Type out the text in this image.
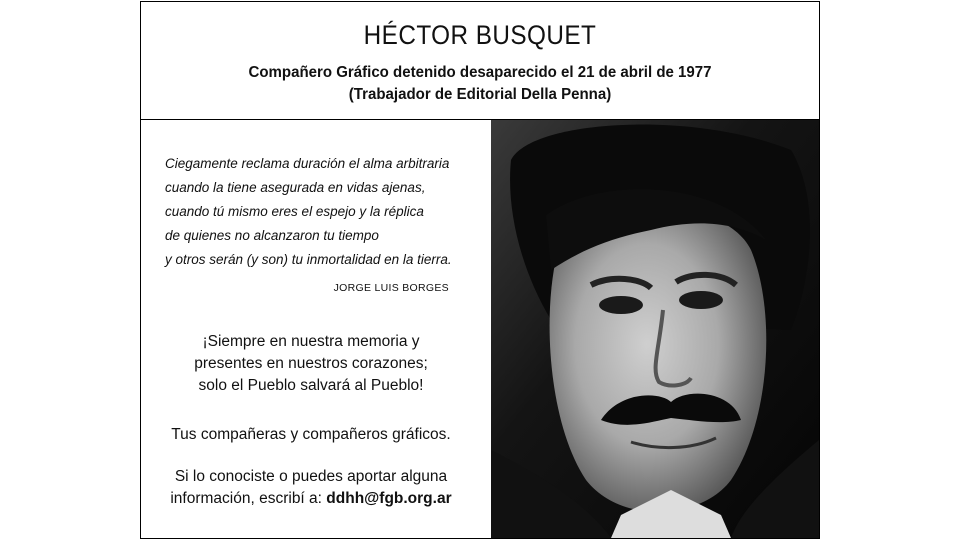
HÉCTOR BUSQUET
Compañero Gráfico detenido desaparecido el 21 de abril de 1977
(Trabajador de Editorial Della Penna)
Ciegamente reclama duración el alma arbitraria
cuando la tiene asegurada en vidas ajenas,
cuando tú mismo eres el espejo y la réplica
de quienes no alcanzaron tu tiempo
y otros serán (y son) tu inmortalidad en la tierra.
JORGE LUIS BORGES
¡Siempre en nuestra memoria y
presentes en nuestros corazones;
solo el Pueblo salvará al Pueblo!
Tus compañeras y compañeros gráficos.
Si lo conociste o puedes aportar alguna
información, escribí a: ddhh@fgb.org.ar
